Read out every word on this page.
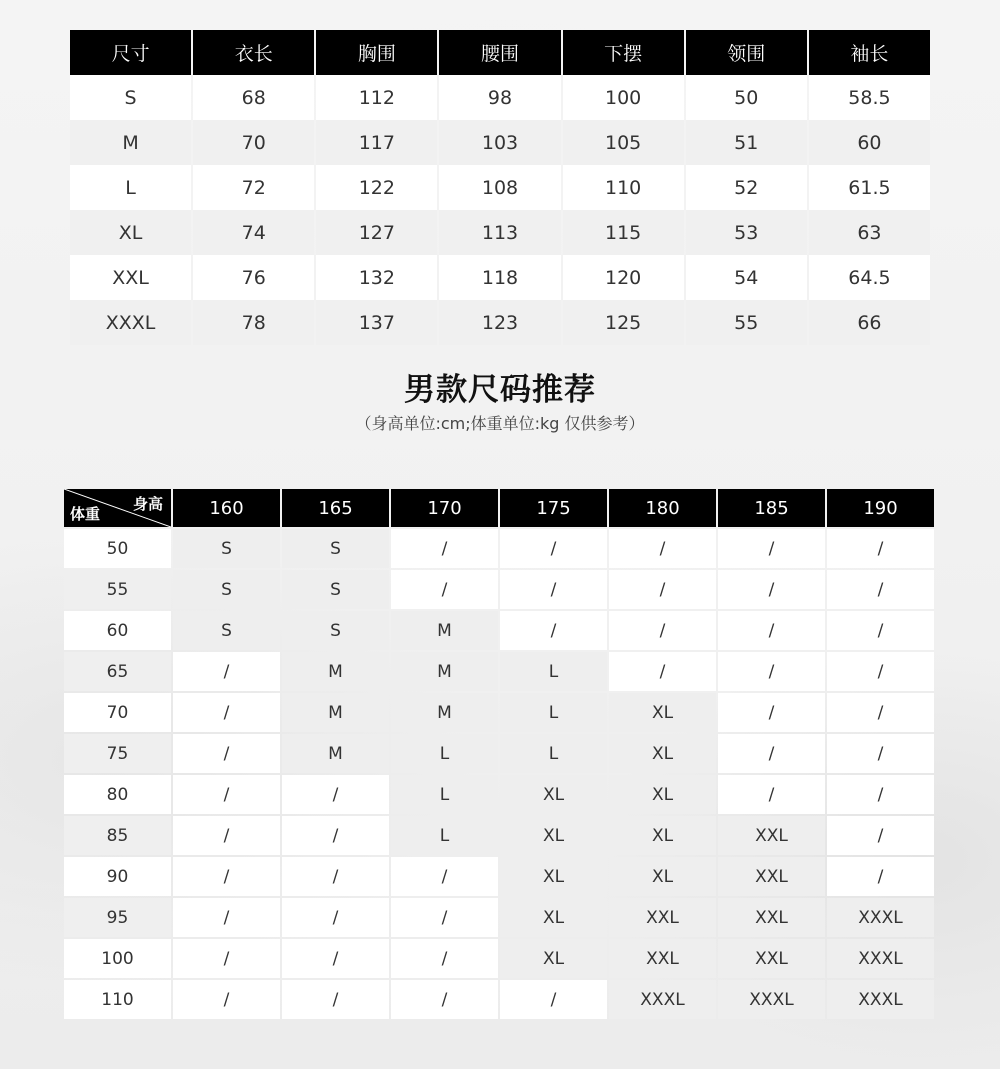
尺寸	衣长	胸围	腰围	下摆	领围	袖长
S	68	112	98	100	50	58.5
M	70	117	103	105	51	60
L	72	122	108	110	52	61.5
XL	74	127	113	115	53	63
XXL	76	132	118	120	54	64.5
XXXL	78	137	123	125	55	66
男款尺码推荐
（身高单位:cm;体重单位:kg 仅供参考）
身高
体重	160	165	170	175	180	185	190
50	S	S	/	/	/	/	/
55	S	S	/	/	/	/	/
60	S	S	M	/	/	/	/
65	/	M	M	L	/	/	/
70	/	M	M	L	XL	/	/
75	/	M	L	L	XL	/	/
80	/	/	L	XL	XL	/	/
85	/	/	L	XL	XL	XXL	/
90	/	/	/	XL	XL	XXL	/
95	/	/	/	XL	XXL	XXL	XXXL
100	/	/	/	XL	XXL	XXL	XXXL
110	/	/	/	/	XXXL	XXXL	XXXL
